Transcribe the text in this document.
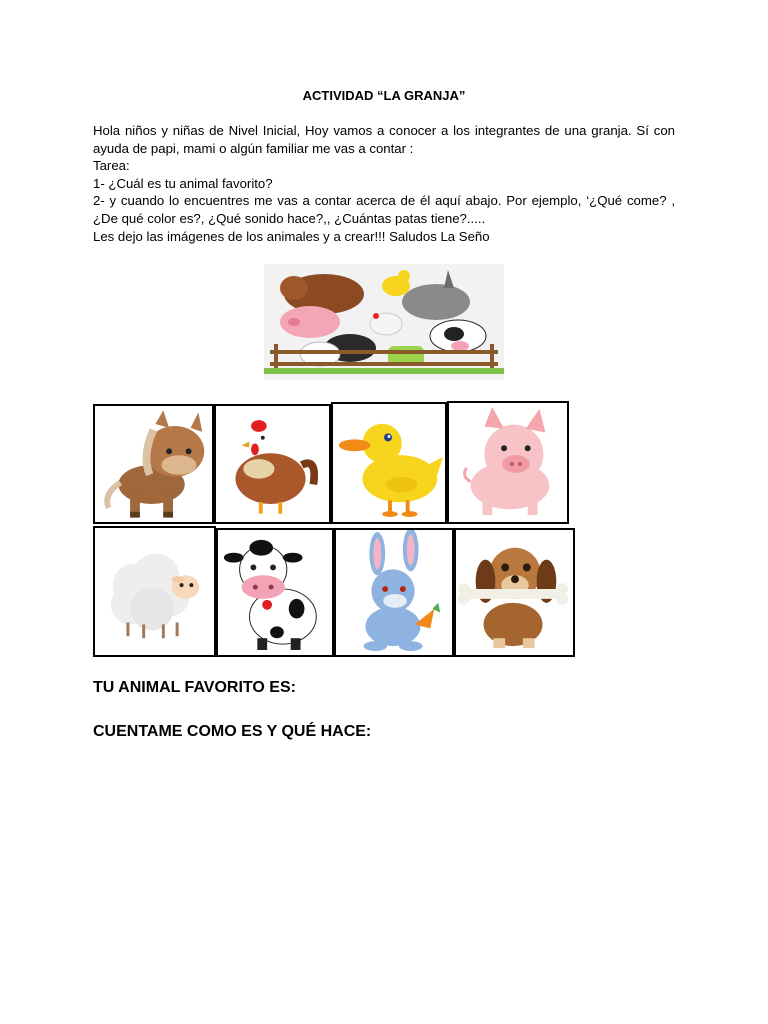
ACTIVIDAD “LA GRANJA”

Hola niños y niñas de Nivel Inicial, Hoy vamos a conocer a los integrantes de una granja. Sí con ayuda de papi, mami o algún familiar me vas a contar :

Tarea:

1- ¿Cuál es tu animal favorito?

2- y cuando lo encuentres me vas a contar acerca de él aquí abajo. Por ejemplo, ‘¿Qué come? , ¿De qué color es?, ¿Qué sonido hace?,, ¿Cuántas patas tiene?.....

Les dejo las imágenes de los animales y a crear!!! Saludos La Seño

TU ANIMAL FAVORITO ES:
CUENTAME COMO ES Y QUÉ HACE:
